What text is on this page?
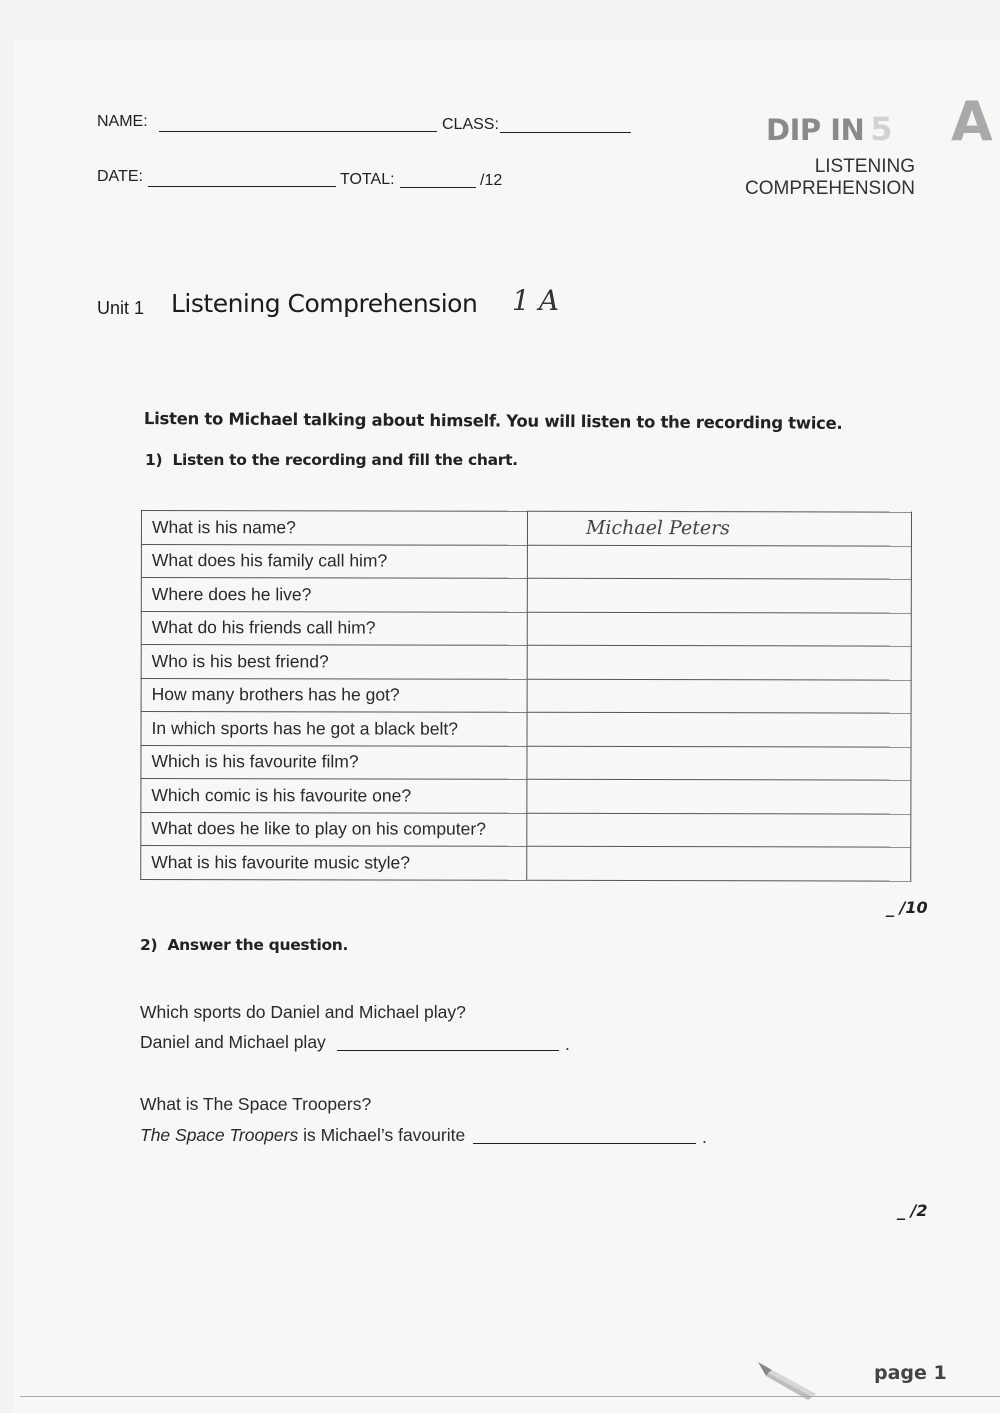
NAME:	CLASS:
DATE:	TOTAL:	/12
DIP IN 5 A
LISTENING
COMPREHENSION
Unit 1 Listening Comprehension 1 A
Listen to Michael talking about himself. You will listen to the recording twice.
1) Listen to the recording and fill the chart.
What is his name?	Michael Peters
What does his family call him?	
Where does he live?	
What do his friends call him?	
Who is his best friend?	
How many brothers has he got?	
In which sports has he got a black belt?	
Which is his favourite film?	
Which comic is his favourite one?	
What does he like to play on his computer?	
What is his favourite music style?	
_ /10
2) Answer the question.
Which sports do Daniel and Michael play?
Daniel and Michael play	.
What is The Space Troopers?
The Space Troopers is Michael’s favourite	.
_ /2
page 1
